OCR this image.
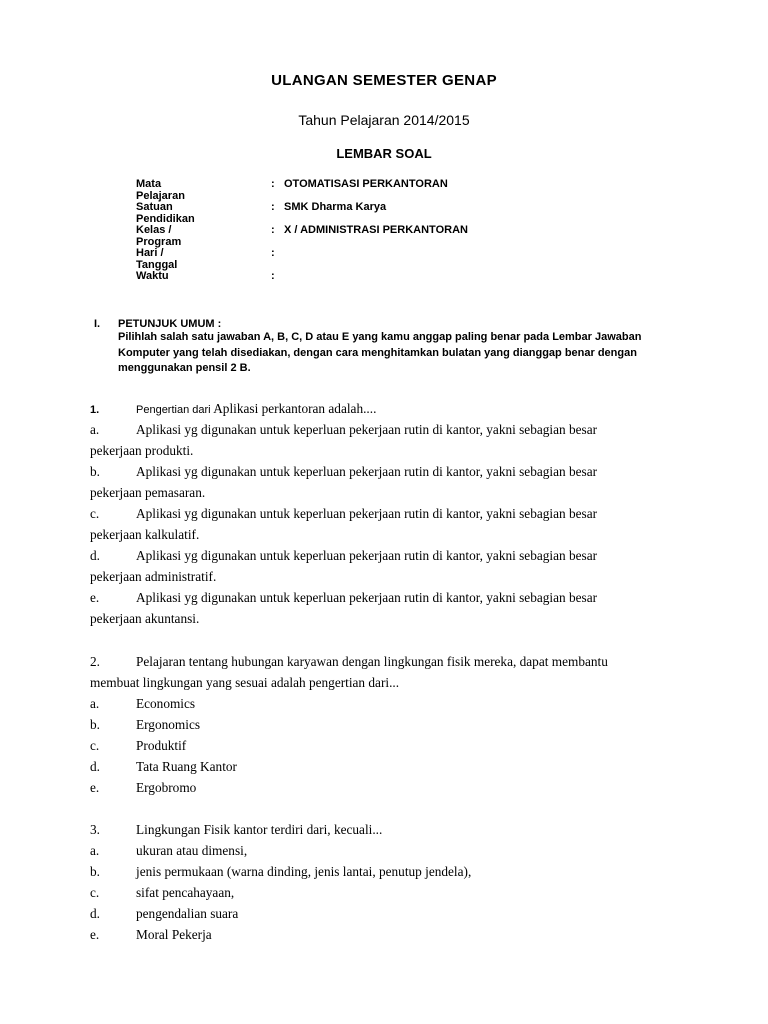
ULANGAN SEMESTER GENAP
Tahun Pelajaran 2014/2015
LEMBAR SOAL
Mata Pelajaran
: OTOMATISASI PERKANTORAN
Satuan Pendidikan
: SMK Dharma Karya
Kelas / Program
: X / ADMINISTRASI PERKANTORAN
Hari / Tanggal
:
Waktu	:
I. PETUNJUK UMUM :
Pilihlah salah satu jawaban A, B, C, D atau E yang kamu anggap paling benar pada Lembar Jawaban
Komputer yang telah disediakan, dengan cara menghitamkan bulatan yang dianggap benar dengan
menggunakan pensil 2 B.
1.	Pengertian dari Aplikasi perkantoran adalah....
a.	Aplikasi yg digunakan untuk keperluan pekerjaan rutin di kantor, yakni sebagian besar
pekerjaan produkti.
b.	Aplikasi yg digunakan untuk keperluan pekerjaan rutin di kantor, yakni sebagian besar
pekerjaan pemasaran.
c.	Aplikasi yg digunakan untuk keperluan pekerjaan rutin di kantor, yakni sebagian besar
pekerjaan kalkulatif.
d.	Aplikasi yg digunakan untuk keperluan pekerjaan rutin di kantor, yakni sebagian besar
pekerjaan administratif.
e.	Aplikasi yg digunakan untuk keperluan pekerjaan rutin di kantor, yakni sebagian besar
pekerjaan akuntansi.
2.	Pelajaran tentang hubungan karyawan dengan lingkungan fisik mereka, dapat membantu
membuat lingkungan yang sesuai adalah pengertian dari...
a.	Economics
b.	Ergonomics
c.	Produktif
d.	Tata Ruang Kantor
e.	Ergobromo
3.	Lingkungan Fisik kantor terdiri dari, kecuali...
a.	ukuran atau dimensi,
b.	jenis permukaan (warna dinding, jenis lantai, penutup jendela),
c.	sifat pencahayaan,
d.	pengendalian suara
e.	Moral Pekerja
